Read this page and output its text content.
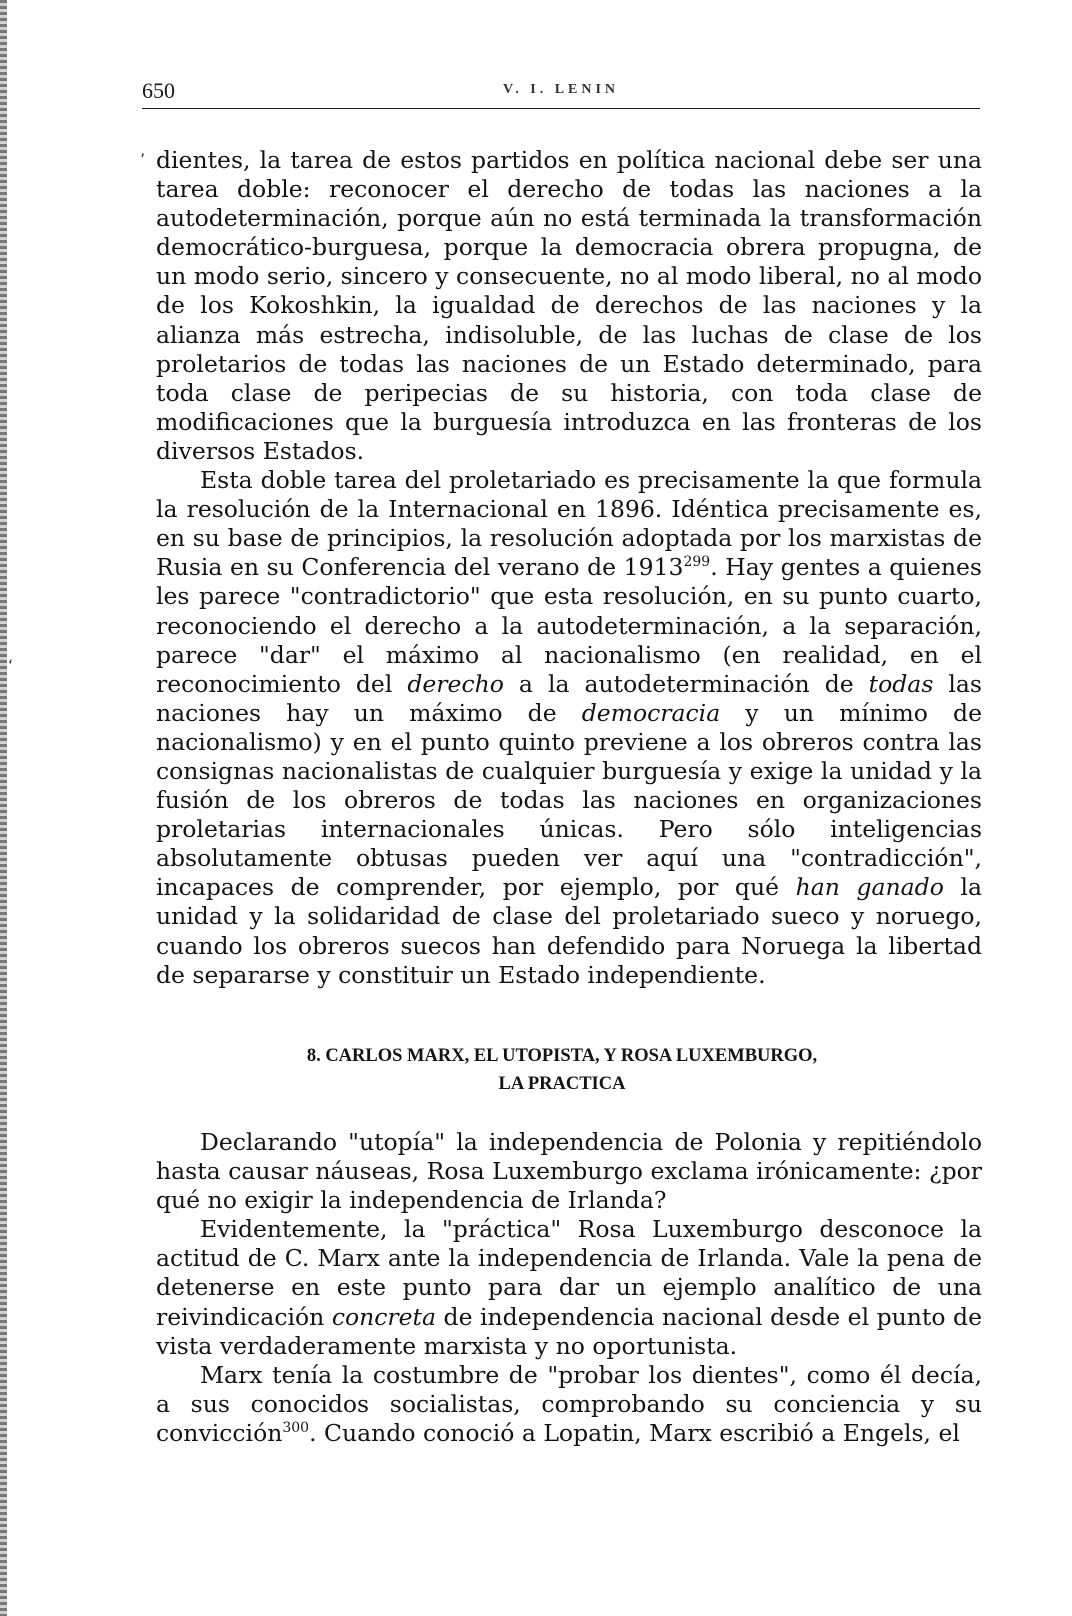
650	V. I. LENIN
’
‘

dientes, la tarea de estos partidos en política nacional debe ser una tarea doble: reconocer el derecho de todas las naciones a la autodeterminación, porque aún no está terminada la transformación democrático-burguesa, porque la democracia obrera propugna, de un modo serio, sincero y consecuente, no al modo liberal, no al modo de los Kokoshkin, la igualdad de derechos de las naciones y la alianza más estrecha, indisoluble, de las luchas de clase de los proletarios de todas las naciones de un Estado determinado, para toda clase de peripecias de su historia, con toda clase de modificaciones que la burguesía introduzca en las fronteras de los diversos Estados.

Esta doble tarea del proletariado es precisamente la que formula la resolución de la Internacional en 1896. Idéntica precisamente es, en su base de principios, la resolución adoptada por los marxistas de Rusia en su Conferencia del verano de 1913$^{299}$. Hay gentes a quienes les parece "contradictorio" que esta resolución, en su punto cuarto, reconociendo el derecho a la autodeterminación, a la separación, parece "dar" el máximo al nacionalismo (en realidad, en el reconocimiento del derecho a la autodeterminación de todas las naciones hay un máximo de democracia y un mínimo de nacionalismo) y en el punto quinto previene a los obreros contra las consignas nacionalistas de cualquier burguesía y exige la unidad y la fusión de los obreros de todas las naciones en organizaciones proletarias internacionales únicas. Pero sólo inteligencias absolutamente obtusas pueden ver aquí una "contradicción", incapaces de comprender, por ejemplo, por qué han ganado la unidad y la solidaridad de clase del proletariado sueco y noruego, cuando los obreros suecos han defendido para Noruega la libertad de separarse y constituir un Estado independiente.

8. CARLOS MARX, EL UTOPISTA, Y ROSA LUXEMBURGO,
LA PRACTICA

Declarando "utopía" la independencia de Polonia y repitiéndolo hasta causar náuseas, Rosa Luxemburgo exclama irónicamente: ¿por qué no exigir la independencia de Irlanda?

Evidentemente, la "práctica" Rosa Luxemburgo desconoce la actitud de C. Marx ante la independencia de Irlanda. Vale la pena de detenerse en este punto para dar un ejemplo analítico de una reivindicación concreta de independencia nacional desde el punto de vista verdaderamente marxista y no oportunista.

Marx tenía la costumbre de "probar los dientes", como él decía, a sus conocidos socialistas, comprobando su conciencia y su convicción$^{300}$. Cuando conoció a Lopatin, Marx escribió a Engels, el
